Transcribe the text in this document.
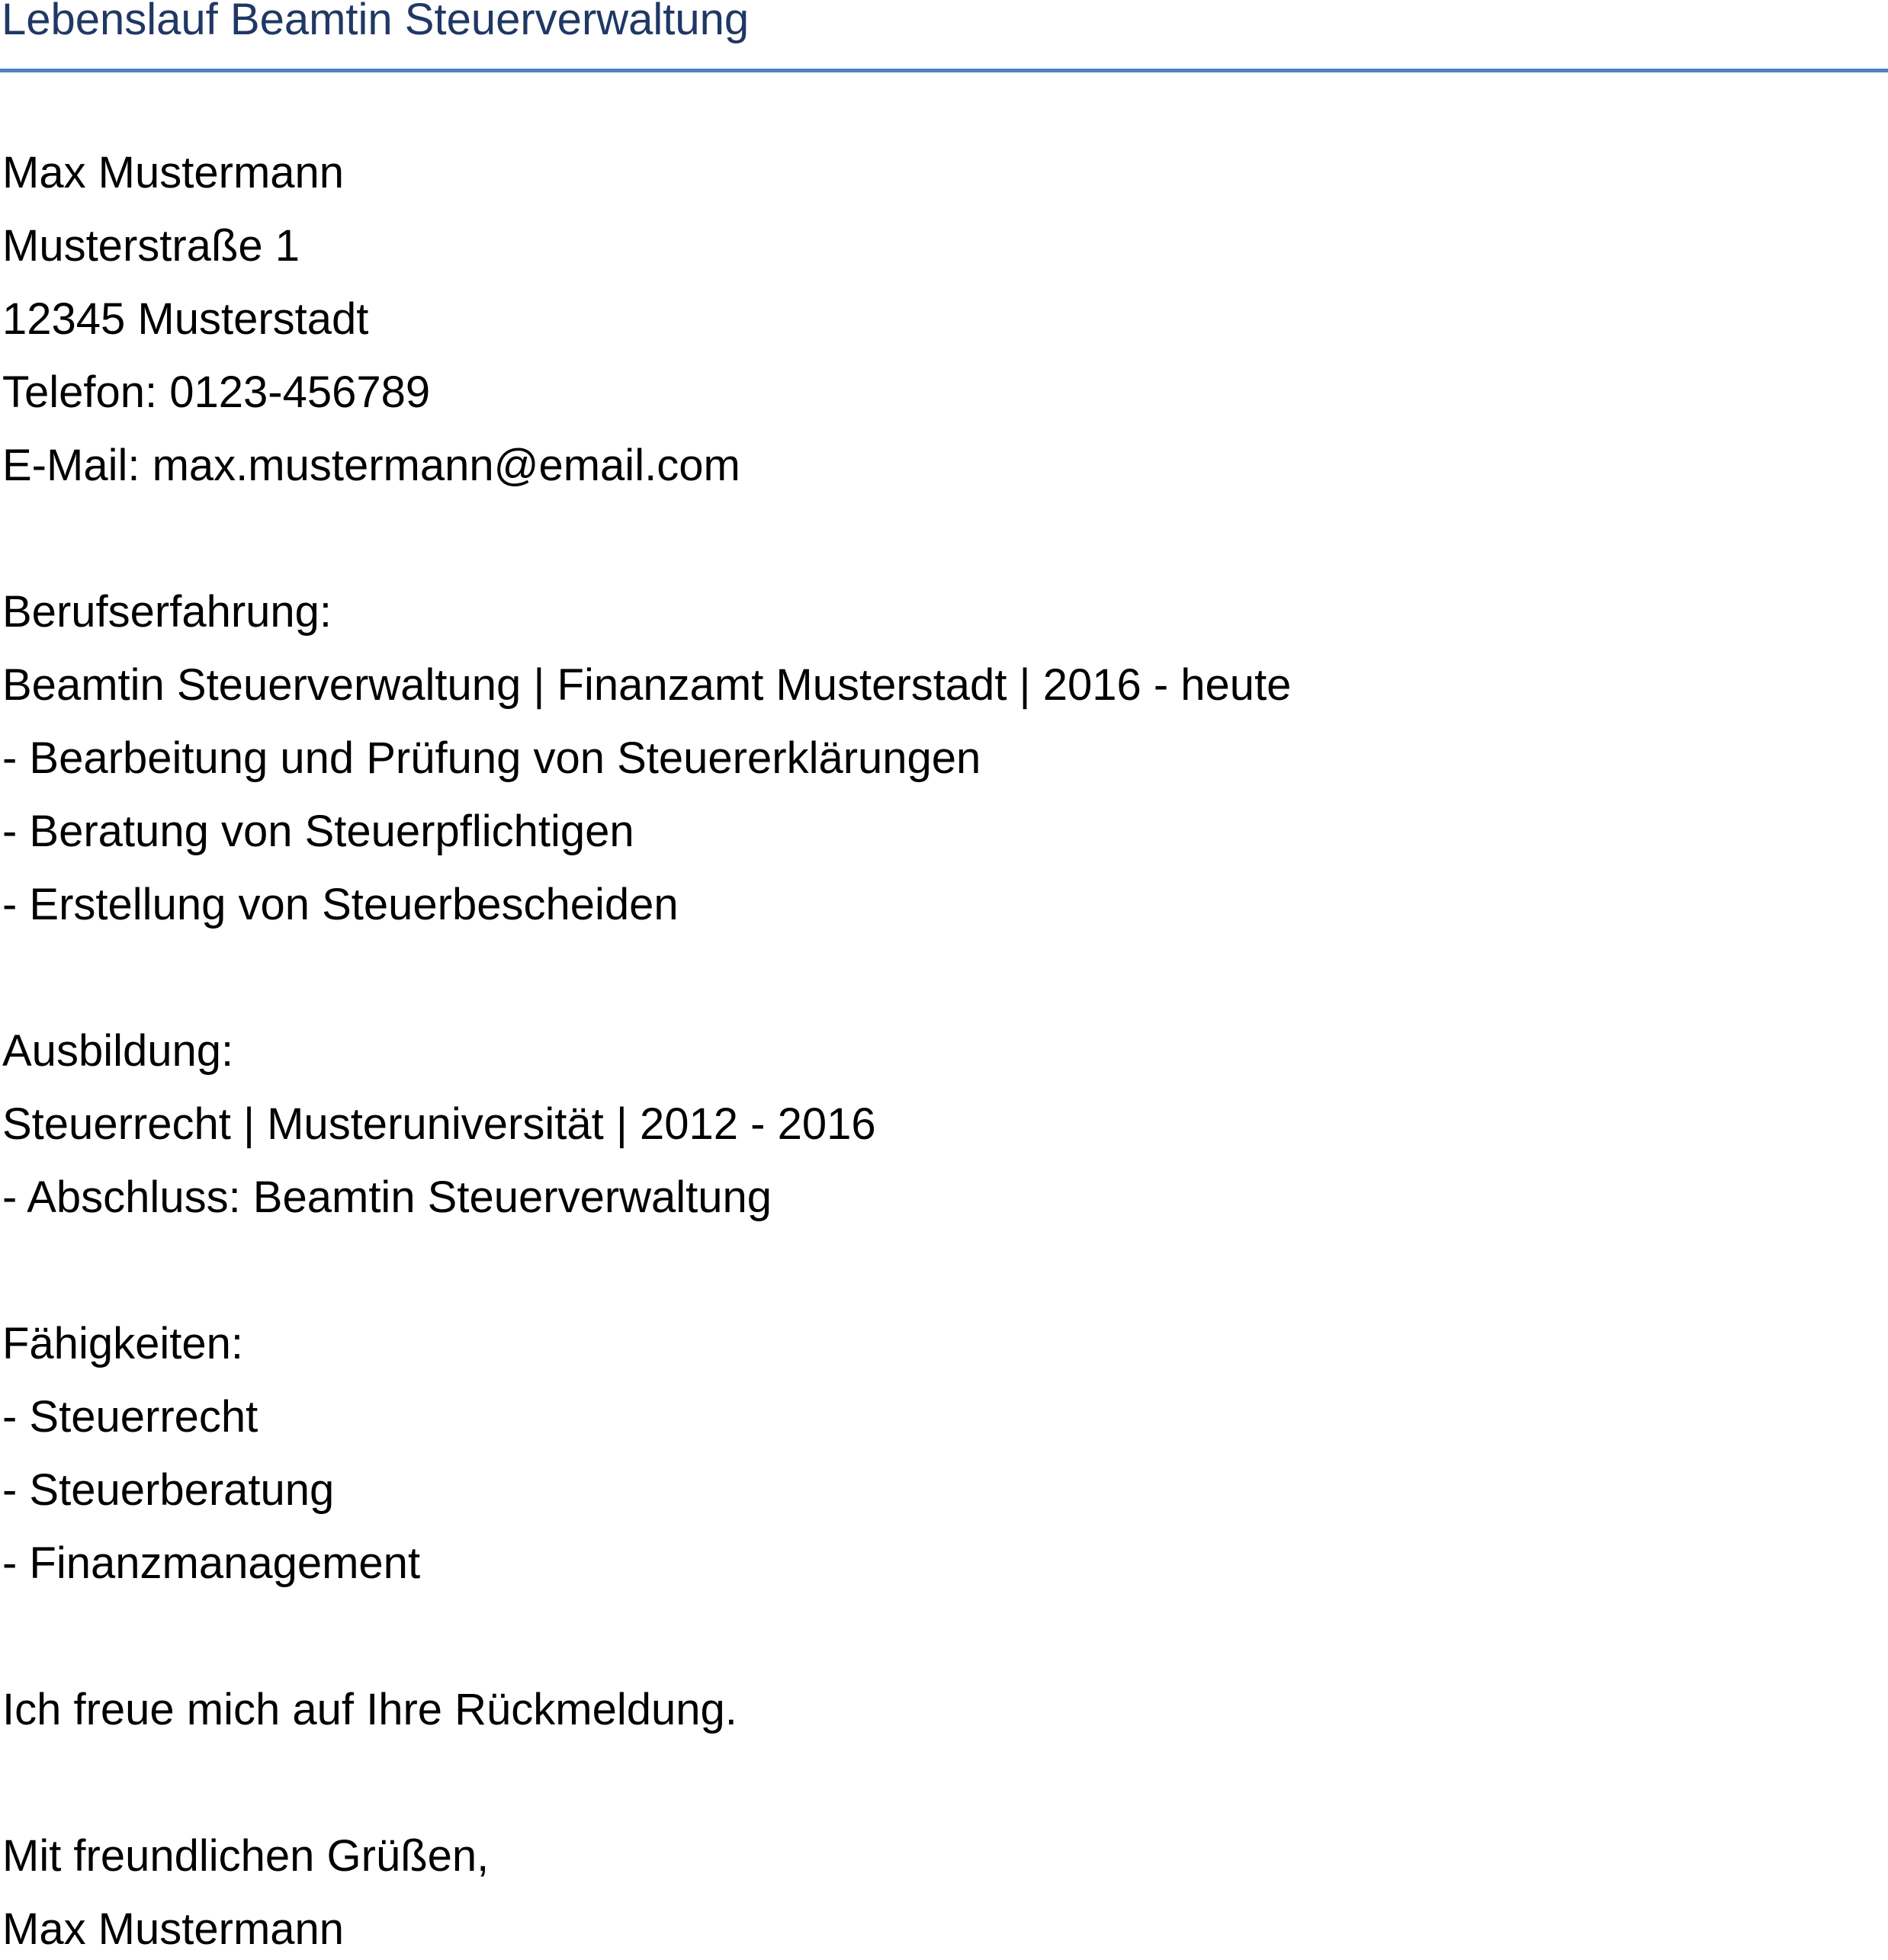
Lebenslauf Beamtin Steuerverwaltung
Max Mustermann
Musterstraße 1
12345 Musterstadt
Telefon: 0123-456789
E-Mail: max.mustermann@email.com
Berufserfahrung:
Beamtin Steuerverwaltung | Finanzamt Musterstadt | 2016 - heute
- Bearbeitung und Prüfung von Steuererklärungen
- Beratung von Steuerpflichtigen
- Erstellung von Steuerbescheiden
Ausbildung:
Steuerrecht | Musteruniversität | 2012 - 2016
- Abschluss: Beamtin Steuerverwaltung
Fähigkeiten:
- Steuerrecht
- Steuerberatung
- Finanzmanagement
Ich freue mich auf Ihre Rückmeldung.
Mit freundlichen Grüßen,
Max Mustermann
